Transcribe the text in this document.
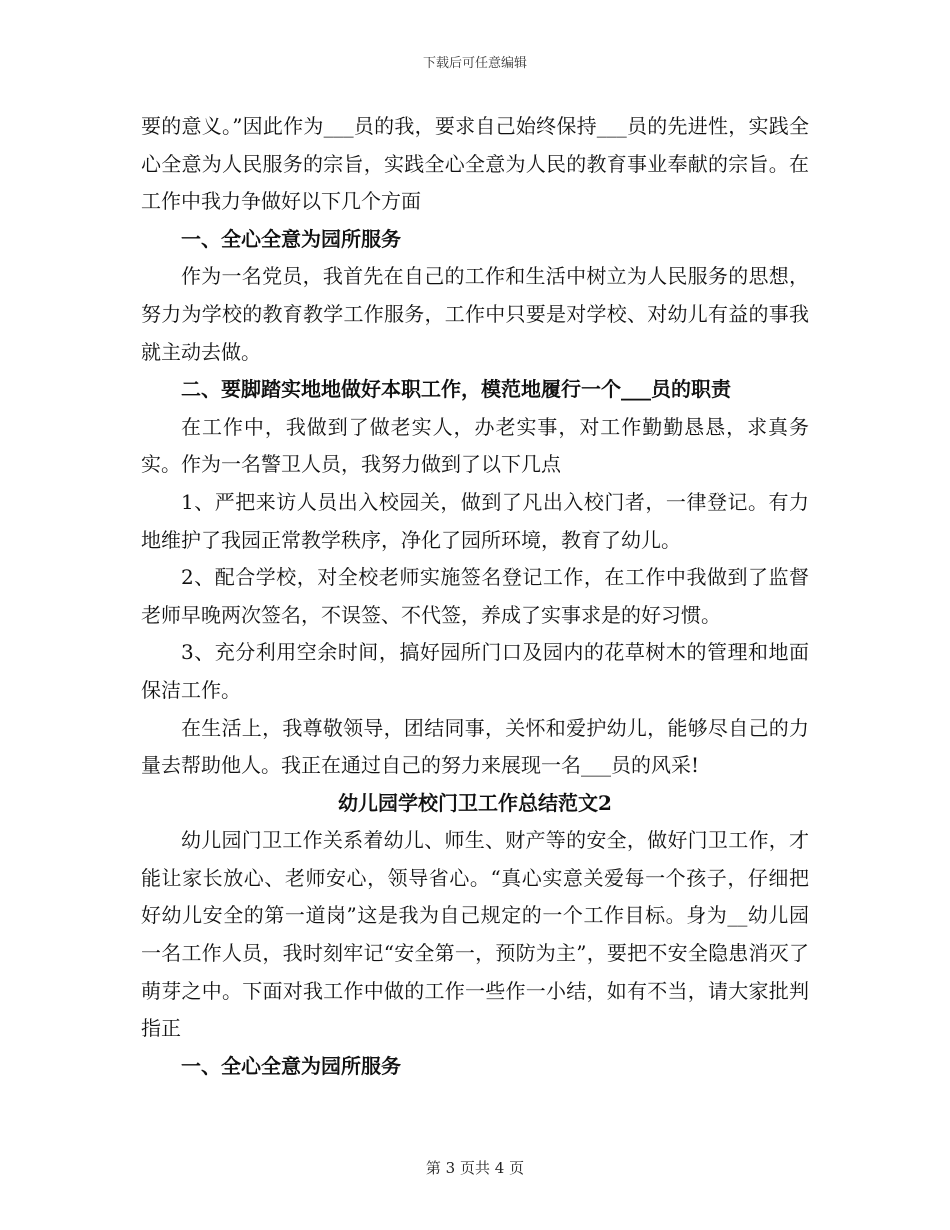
下载后可任意编辑

要的意义。”因此作为___员的我，要求自己始终保持___员的先进性，实践全心全意为人民服务的宗旨，实践全心全意为人民的教育事业奉献的宗旨。在工作中我力争做好以下几个方面

一、全心全意为园所服务

作为一名党员，我首先在自己的工作和生活中树立为人民服务的思想，努力为学校的教育教学工作服务，工作中只要是对学校、对幼儿有益的事我就主动去做。

二、要脚踏实地地做好本职工作，模范地履行一个___员的职责

在工作中，我做到了做老实人，办老实事，对工作勤勤恳恳，求真务实。作为一名警卫人员，我努力做到了以下几点

1、严把来访人员出入校园关，做到了凡出入校门者，一律登记。有力地维护了我园正常教学秩序，净化了园所环境，教育了幼儿。

2、配合学校，对全校老师实施签名登记工作，在工作中我做到了监督老师早晚两次签名，不误签、不代签，养成了实事求是的好习惯。

3、充分利用空余时间，搞好园所门口及园内的花草树木的管理和地面保洁工作。

在生活上，我尊敬领导，团结同事，关怀和爱护幼儿，能够尽自己的力量去帮助他人。我正在通过自己的努力来展现一名___员的风采!

幼儿园学校门卫工作总结范文2

幼儿园门卫工作关系着幼儿、师生、财产等的安全，做好门卫工作，才能让家长放心、老师安心，领导省心。“真心实意关爱每一个孩子，仔细把好幼儿安全的第一道岗”这是我为自己规定的一个工作目标。身为__幼儿园一名工作人员，我时刻牢记“安全第一，预防为主”，要把不安全隐患消灭了萌芽之中。下面对我工作中做的工作一些作一小结，如有不当，请大家批判指正

一、全心全意为园所服务

第 3 页共 4 页
